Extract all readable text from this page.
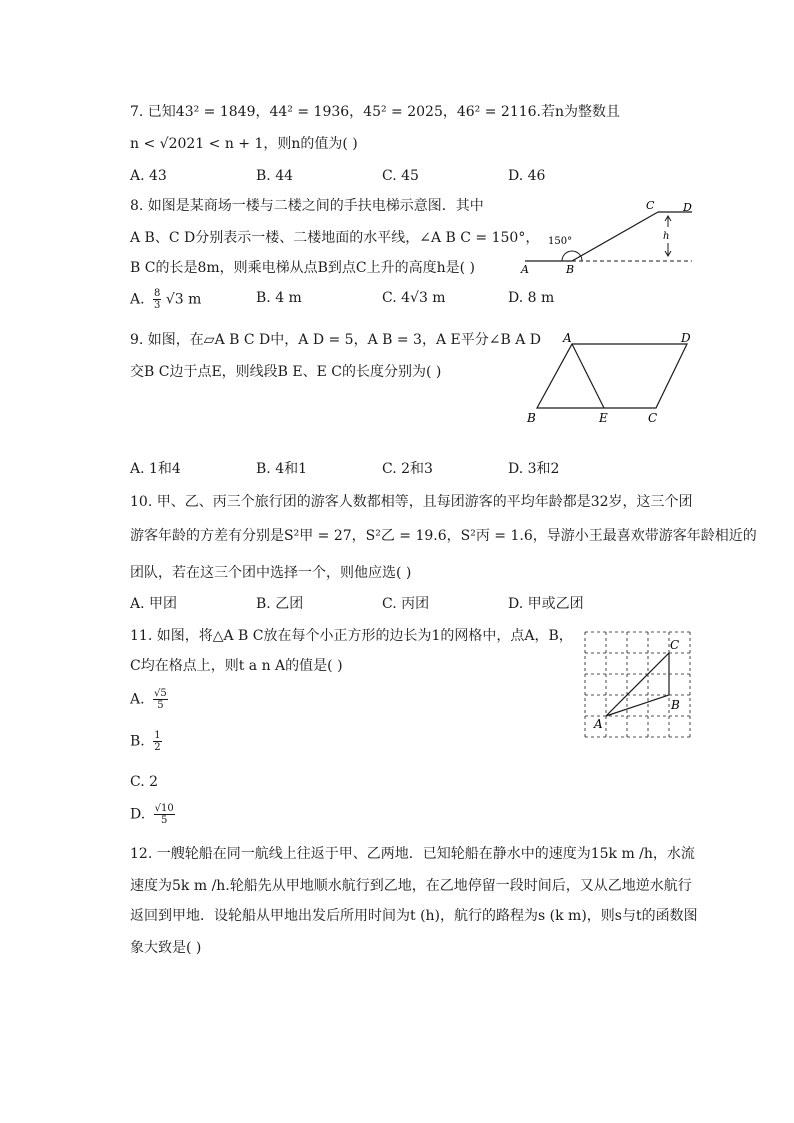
7. 已知43² = 1849，44² = 1936，45² = 2025，46² = 2116.若n为整数且
n < √2021 < n + 1，则n的值为( )
A. 43	B. 44	C. 45	D. 46
8. 如图是某商场一楼与二楼之间的手扶电梯示意图．其中
A B、C D分别表示一楼、二楼地面的水平线，∠A B C = 150°，
B C的长是8m，则乘电梯从点B到点C上升的高度h是( )
A. $\frac{8}{3} √3$ m	B. 4 m	C. 4√3 m	D. 8 m
A	B
C	D
h
150°
9. 如图，在▱A B C D中，A D = 5，A B = 3，A E平分∠B A D
交B C边于点E，则线段B E、E C的长度分别为( )
A. 1和4	B. 4和1	C. 2和3	D. 3和2
A	D
B	E	C
10. 甲、乙、丙三个旅行团的游客人数都相等，且每团游客的平均年龄都是32岁，这三个团
游客年龄的方差有分别是S²甲 = 27，S²乙 = 19.6，S²丙 = 1.6，导游小王最喜欢带游客年龄相近的
团队，若在这三个团中选择一个，则他应选( )
A. 甲团	B. 乙团	C. 丙团	D. 甲或乙团
11. 如图，将△A B C放在每个小正方形的边长为1的网格中，点A，B，
C均在格点上，则t a n A的值是( )
A. $\frac{√5}{5}$
B. $\frac{1}{2}$
C. 2
D. $\frac{√10}{5}$
A
B
C
12. 一艘轮船在同一航线上往返于甲、乙两地．已知轮船在静水中的速度为15k m /h，水流
速度为5k m /h.轮船先从甲地顺水航行到乙地，在乙地停留一段时间后，又从乙地逆水航行
返回到甲地．设轮船从甲地出发后所用时间为t (h)，航行的路程为s (k m)，则s与t的函数图
象大致是( )
